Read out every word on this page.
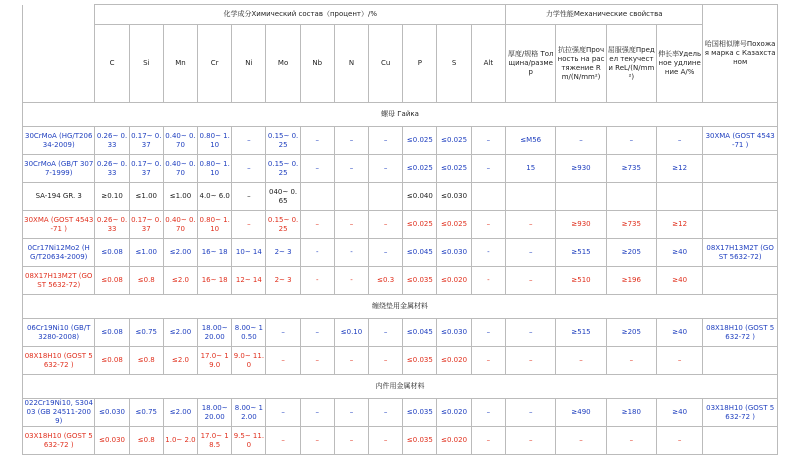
	化学成分Химический состав（процент）/%												力学性能Механические свойства				哈国相似牌号Похожая марка с Казахстаном
	C	Si	Mn	Cr	Ni	Mo	Nb	N	Cu	P	S	Alt	厚度/规格 Толщина/размер	抗拉强度Прочность на растяжение Rm/(N/mm²)	屈服强度Предел текучести ReL/(N/mm²)	伸长率Удельное удлинение A/%	
螺母 Гайка																	
30CrMoA (HG/T20634-2009)	0.26~ 0.33	0.17~ 0.37	0.40~ 0.70	0.80~ 1.10	–	0.15~ 0.25	–	–	–	≤0.025	≤0.025	–	≤M56	–	–	–	30XMA (GOST 4543-71 )
30CrMoA (GB/T 3077-1999)	0.26~ 0.33	0.17~ 0.37	0.40~ 0.70	0.80~ 1.10	–	0.15~ 0.25	–	–	–	≤0.025	≤0.025	–	15	≥930	≥735	≥12	
SA-194 GR. 3	≥0.10	≤1.00	≤1.00	4.0~ 6.0	–	040~ 0.65				≤0.040	≤0.030						
30XMA (GOST 4543-71 )	0.26~ 0.33	0.17~ 0.37	0.40~ 0.70	0.80~ 1.10	–	0.15~ 0.25	–	–	–	≤0.025	≤0.025	–	–	≥930	≥735	≥12	
0Cr17Ni12Mo2 (HG/T20634-2009)	≤0.08	≤1.00	≤2.00	16~ 18	10~ 14	2~ 3	-	-	–	≤0.045	≤0.030	-	–	≥515	≥205	≥40	08X17H13M2T (GOST 5632-72)
08X17H13M2T (GOST 5632-72)	≤0.08	≤0.8	≤2.0	16~ 18	12~ 14	2~ 3	-	-	≤0.3	≤0.035	≤0.020	-	–	≥510	≥196	≥40	
缠绕垫用金属材料																	
06Cr19Ni10 (GB/T 3280-2008)	≤0.08	≤0.75	≤2.00	18.00~ 20.00	8.00~ 10.50	–	–	≤0.10	–	≤0.045	≤0.030	–	–	≥515	≥205	≥40	08X18H10 (GOST 5632-72 )
08X18H10 (GOST 5632-72 )	≤0.08	≤0.8	≤2.0	17.0~ 19.0	9.0~ 11.0	–	–	–	–	≤0.035	≤0.020	–	–	–	–	–	
内件用金属材料																	
022Cr19Ni10, S30403 (GB 24511-2009)	≤0.030	≤0.75	≤2.00	18.00~ 20.00	8.00~ 12.00	–	–	–	–	≤0.035	≤0.020	–	–	≥490	≥180	≥40	03X18H10 (GOST 5632-72 )
03X18H10 (GOST 5632-72 )	≤0.030	≤0.8	1.0~ 2.0	17.0~ 18.5	9.5~ 11.0	–	–	–	–	≤0.035	≤0.020	–	–	–	–	–	
